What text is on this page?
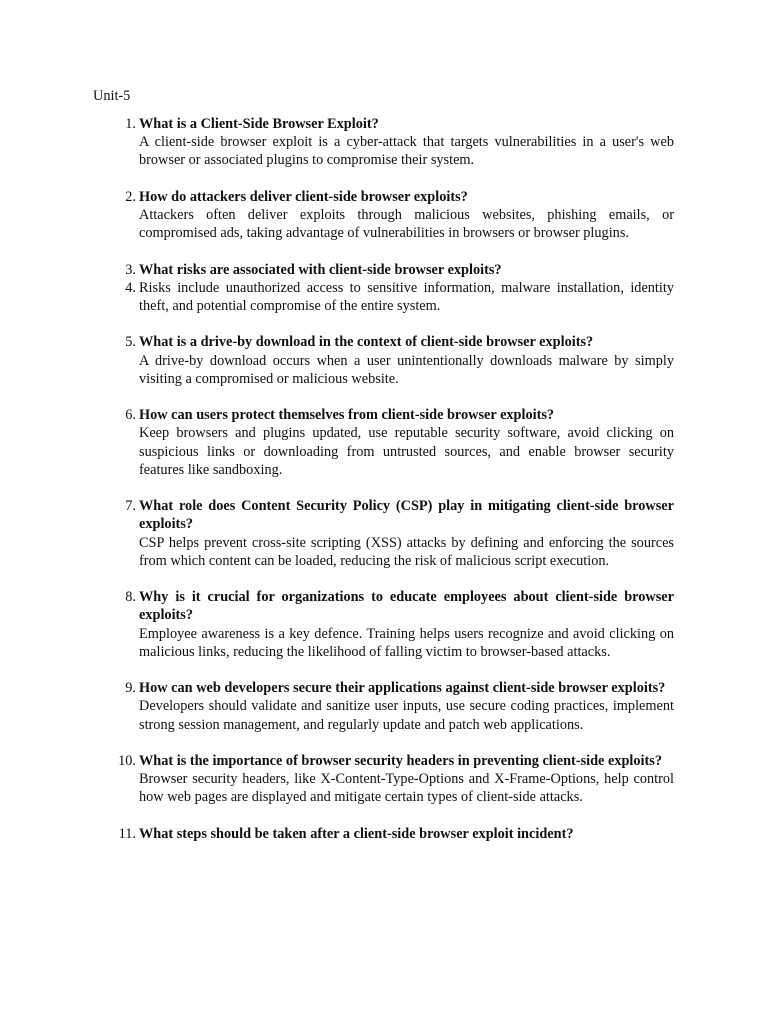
Unit-5
1. What is a Client-Side Browser Exploit?
A client-side browser exploit is a cyber-attack that targets vulnerabilities in a user's web browser or associated plugins to compromise their system.
2. How do attackers deliver client-side browser exploits?
Attackers often deliver exploits through malicious websites, phishing emails, or compromised ads, taking advantage of vulnerabilities in browsers or browser plugins.
3. What risks are associated with client-side browser exploits?
4. Risks include unauthorized access to sensitive information, malware installation, identity theft, and potential compromise of the entire system.
5. What is a drive-by download in the context of client-side browser exploits?
A drive-by download occurs when a user unintentionally downloads malware by simply visiting a compromised or malicious website.
6. How can users protect themselves from client-side browser exploits?
Keep browsers and plugins updated, use reputable security software, avoid clicking on suspicious links or downloading from untrusted sources, and enable browser security features like sandboxing.
7. What role does Content Security Policy (CSP) play in mitigating client-side browser exploits?
CSP helps prevent cross-site scripting (XSS) attacks by defining and enforcing the sources from which content can be loaded, reducing the risk of malicious script execution.
8. Why is it crucial for organizations to educate employees about client-side browser exploits?
Employee awareness is a key defence. Training helps users recognize and avoid clicking on malicious links, reducing the likelihood of falling victim to browser-based attacks.
9. How can web developers secure their applications against client-side browser exploits?
Developers should validate and sanitize user inputs, use secure coding practices, implement strong session management, and regularly update and patch web applications.
10. What is the importance of browser security headers in preventing client-side exploits?
Browser security headers, like X-Content-Type-Options and X-Frame-Options, help control how web pages are displayed and mitigate certain types of client-side attacks.
11. What steps should be taken after a client-side browser exploit incident?
